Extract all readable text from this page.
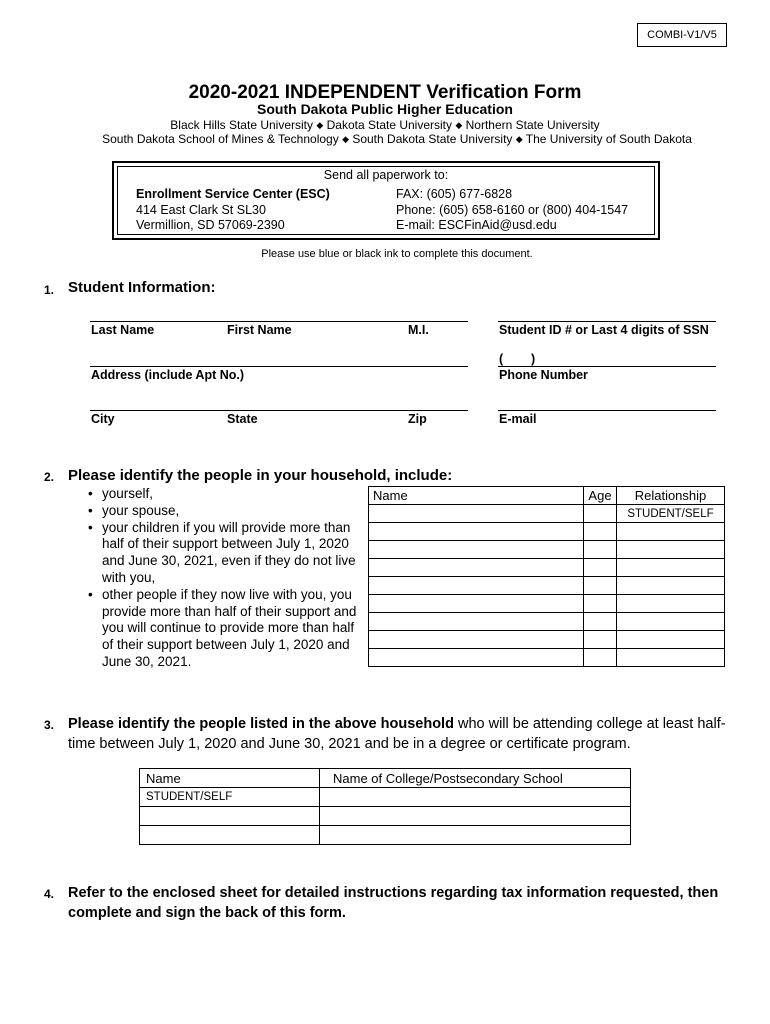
COMBI-V1/V5
2020-2021 INDEPENDENT Verification Form
South Dakota Public Higher Education
Black Hills State University ◆ Dakota State University ◆ Northern State University
South Dakota School of Mines & Technology ◆ South Dakota State University ◆ The University of South Dakota
Send all paperwork to:
Enrollment Service Center (ESC)
414 East Clark St SL30
Vermillion, SD 57069-2390
FAX: (605) 677-6828
Phone: (605) 658-6160 or (800) 404-1547
E-mail: ESCFinAid@usd.edu
Please use blue or black ink to complete this document.
1. Student Information:
Last Name	First Name	M.I.	Student ID # or Last 4 digits of SSN
(        )
Address (include Apt No.)	Phone Number
City	State	Zip	E-mail
2. Please identify the people in your household, include:
• yourself,
• your spouse,
• your children if you will provide more than half of their support between July 1, 2020 and June 30, 2021, even if they do not live with you,
• other people if they now live with you, you provide more than half of their support and you will continue to provide more than half of their support between July 1, 2020 and June 30, 2021.
Name	Age	Relationship
		STUDENT/SELF

3. Please identify the people listed in the above household who will be attending college at least half-time between July 1, 2020 and June 30, 2021 and be in a degree or certificate program.
Name	Name of College/Postsecondary School
STUDENT/SELF	

4. Refer to the enclosed sheet for detailed instructions regarding tax information requested, then complete and sign the back of this form.
